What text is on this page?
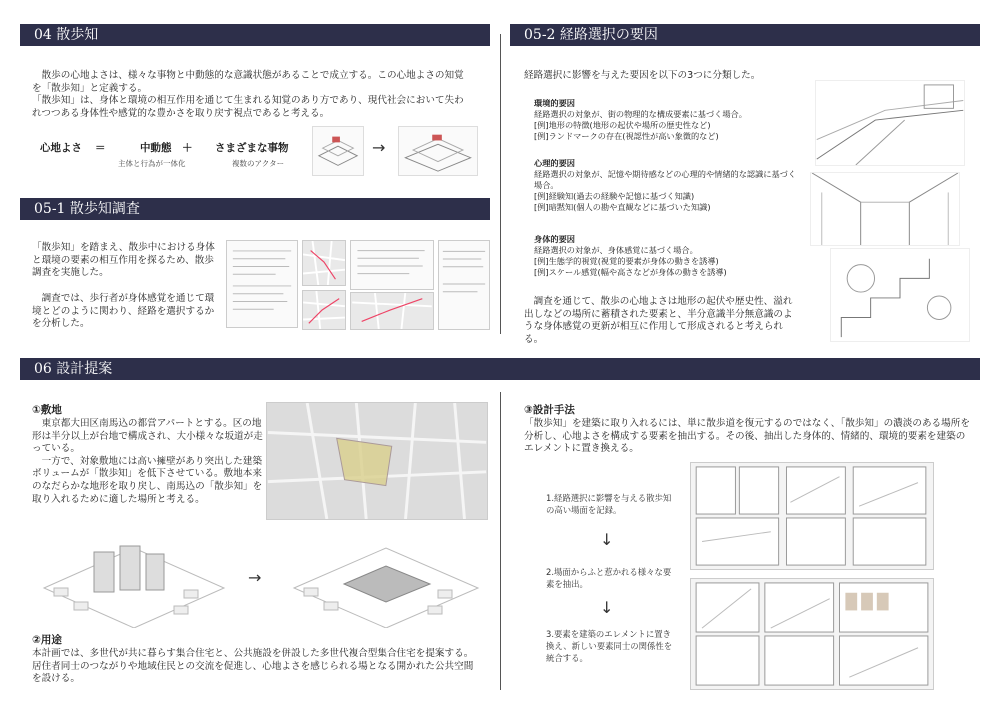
04 散歩知
　散歩の心地よさは、様々な事物と中動態的な意識状態があることで成立する。この心地よさの知覚を「散歩知」と定義する。
「散歩知」は、身体と環境の相互作用を通じて生まれる知覚のあり方であり、現代社会において失われつつある身体性や感覚的な豊かさを取り戻す視点であると考える。
心地よさ ＝	中動態
主体と行為が一体化
＋ さまざまな事物
複数のアクター
→
05-1 散歩知調査
「散歩知」を踏まえ、散歩中における身体と環境の要素の相互作用を探るため、散歩調査を実施した。
　調査では、歩行者が身体感覚を通じて環境とどのように関わり、経路を選択するかを分析した。
05-2 経路選択の要因
経路選択に影響を与えた要因を以下の3つに分類した。
環境的要因
経路選択の対象が、街の物理的な構成要素に基づく場合。
[例]地形の特徴(地形の起伏や場所の歴史性など)
[例]ランドマークの存在(視認性が高い象徴的など)
心理的要因
経路選択の対象が、記憶や期待感などの心理的や情緒的な認識に基づく場合。
[例]経験知(過去の経験や記憶に基づく知識)
[例]暗黙知(個人の勘や直観などに基づいた知識)
身体的要因
経路選択の対象が、身体感覚に基づく場合。
[例]生態学的視覚(視覚的要素が身体の動きを誘導)
[例]スケール感覚(幅や高さなどが身体の動きを誘導)
　調査を通じて、散歩の心地よさは地形の起伏や歴史性、溢れ出しなどの場所に蓄積された要素と、半分意識半分無意識のような身体感覚の更新が相互に作用して形成されると考えられる。
06 設計提案
①敷地
　東京都大田区南馬込の都営アパートとする。区の地形は半分以上が台地で構成され、大小様々な坂道が走っている。
　一方で、対象敷地には高い擁壁があり突出した建築ボリュームが「散歩知」を低下させている。敷地本来のなだらかな地形を取り戻し、南馬込の「散歩知」を取り入れるために適した場所と考える。
→
②用途
本計画では、多世代が共に暮らす集合住宅と、公共施設を併設した多世代複合型集合住宅を提案する。 居住者同士のつながりや地域住民との交流を促進し、心地よさを感じられる場となる開かれた公共空間を設ける。
③設計手法
「散歩知」を建築に取り入れるには、単に散歩道を復元するのではなく、「散歩知」の濃淡のある場所を分析し、心地よさを構成する要素を抽出する。その後、抽出した身体的、情緒的、環境的要素を建築のエレメントに置き換える。
1.経路選択に影響を与える散歩知の高い場面を記録。
↓
2.場面からふと惹かれる様々な要素を抽出。
↓
3.要素を建築のエレメントに置き換え、新しい要素同士の関係性を統合する。
